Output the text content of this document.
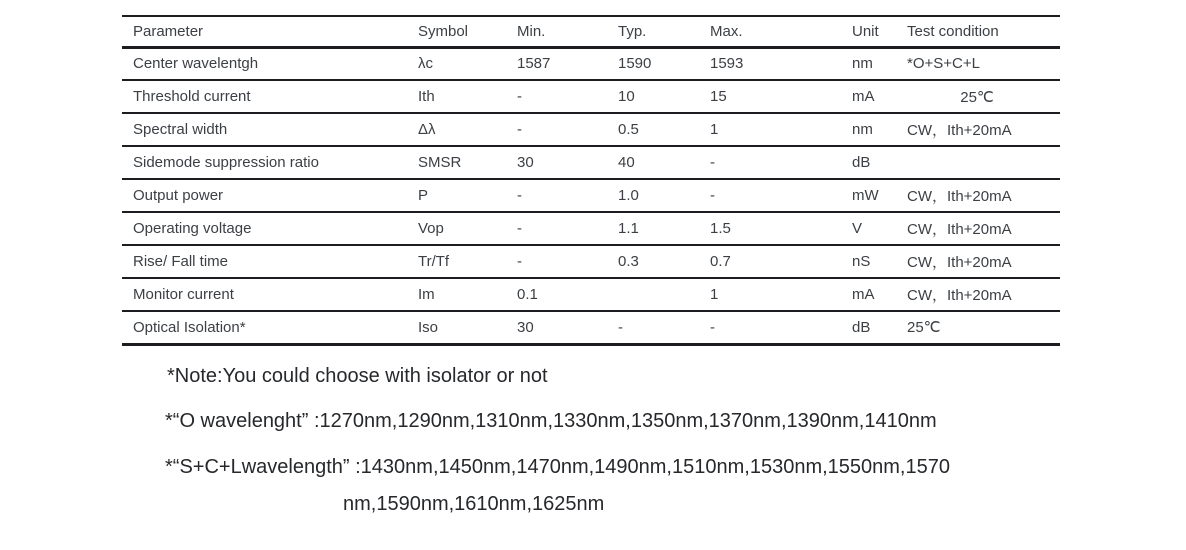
Parameter	Symbol	Min.	Typ.	Max.	Unit	Test condition
Center wavelentgh	λc	1587	1590	1593	nm	*O+S+C+L
Threshold current	Ith	-	10	15	mA	25℃
Spectral width	Δλ	-	0.5	1	nm	CW，Ith+20mA
Sidemode suppression ratio	SMSR	30	40	-	dB	
Output power	P	-	1.0	-	mW	CW，Ith+20mA
Operating voltage	Vop	-	1.1	1.5	V	CW，Ith+20mA
Rise/ Fall time	Tr/Tf	-	0.3	0.7	nS	CW，Ith+20mA
Monitor current	Im	0.1		1	mA	CW，Ith+20mA
Optical Isolation*	Iso	30	-	-	dB	25℃
*Note:You could choose with isolator or not
*“O wavelenght” :1270nm,1290nm,1310nm,1330nm,1350nm,1370nm,1390nm,1410nm
*“S+C+Lwavelength” :1430nm,1450nm,1470nm,1490nm,1510nm,1530nm,1550nm,1570
nm,1590nm,1610nm,1625nm
